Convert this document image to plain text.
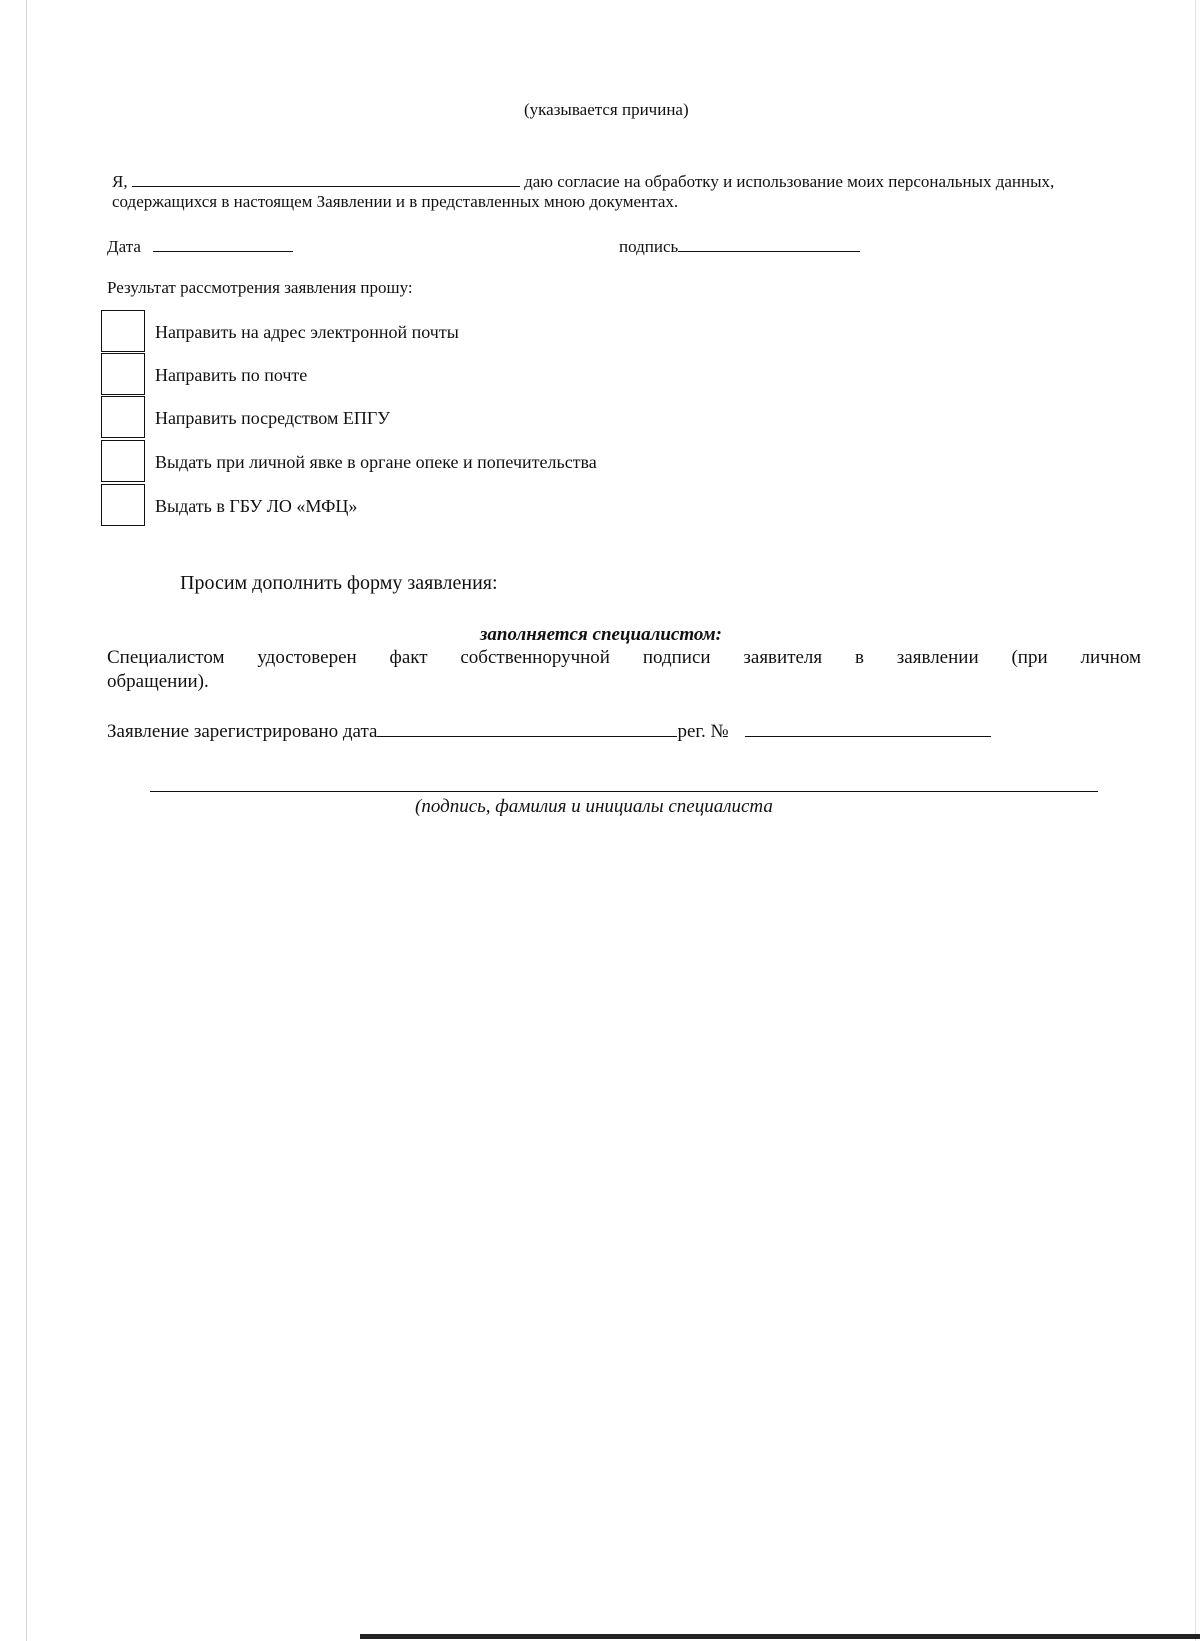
(указывается причина)
Я,	даю согласие на обработку и использование моих персональных данных,
содержащихся в настоящем Заявлении и в представленных мною документах.
Дата	подпись
Результат рассмотрения заявления прошу:
Направить на адрес электронной почты
Направить по почте
Направить посредством ЕПГУ
Выдать при личной явке в органе опеке и попечительства
Выдать в ГБУ ЛО «МФЦ»
Просим дополнить форму заявления:
заполняется специалистом:
Специалистом удостоверен факт собственноручной подписи заявителя в заявлении (при личном
обращении).
Заявление зарегистрировано дата	рег. №
(подпись, фамилия и инициалы специалиста
